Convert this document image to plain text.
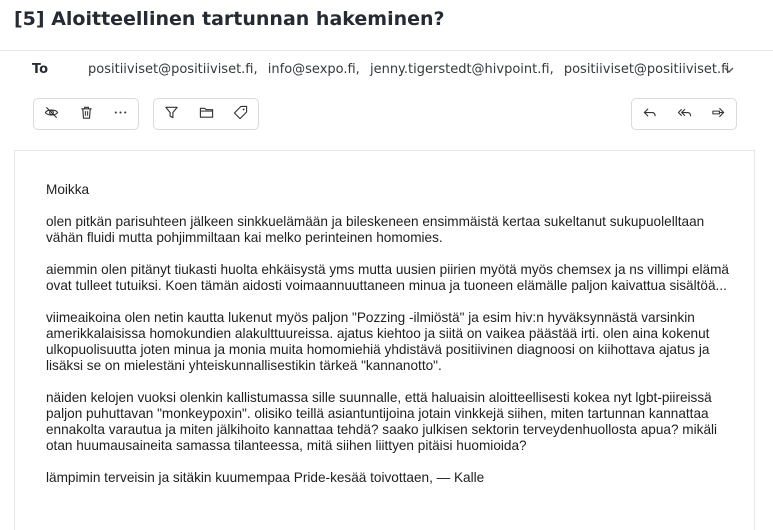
[5] Aloitteellinen tartunnan hakeminen?
To	positiiviset@positiiviset.fi, info@sexpo.fi, jenny.tigerstedt@hivpoint.fi, positiiviset@positiiviset.fi

Moikka

olen pitkän parisuhteen jälkeen sinkkuelämään ja bileskeneen ensimmäistä kertaa sukeltanut sukupuolelltaan vähän fluidi mutta pohjimmiltaan kai melko perinteinen homomies.

aiemmin olen pitänyt tiukasti huolta ehkäisystä yms mutta uusien piirien myötä myös chemsex ja ns villimpi elämä ovat tulleet tutuiksi. Koen tämän aidosti voimaannuuttaneen minua ja tuoneen elämälle paljon kaivattua sisältöä...

viimeaikoina olen netin kautta lukenut myös paljon "Pozzing -ilmiöstä" ja esim hiv:n hyväksynnästä varsinkin amerikkalaisissa homokundien alakulttuureissa. ajatus kiehtoo ja siitä on vaikea päästää irti. olen aina kokenut ulkopuolisuutta joten minua ja monia muita homomiehiä yhdistävä positiivinen diagnoosi on kiihottava ajatus ja lisäksi se on mielestäni yhteiskunnallisestikin tärkeä "kannanotto".

näiden kelojen vuoksi olenkin kallistumassa sille suunnalle, että haluaisin aloitteellisesti kokea nyt lgbt-piireissä paljon puhuttavan "monkeypoxin". olisiko teillä asiantuntijoina jotain vinkkejä siihen, miten tartunnan kannattaa ennakolta varautua ja miten jälkihoito kannattaa tehdä? saako julkisen sektorin terveydenhuollosta apua? mikäli otan huumausaineita samassa tilanteessa, mitä siihen liittyen pitäisi huomioida?

lämpimin terveisin ja sitäkin kuumempaa Pride-kesää toivottaen, — Kalle
